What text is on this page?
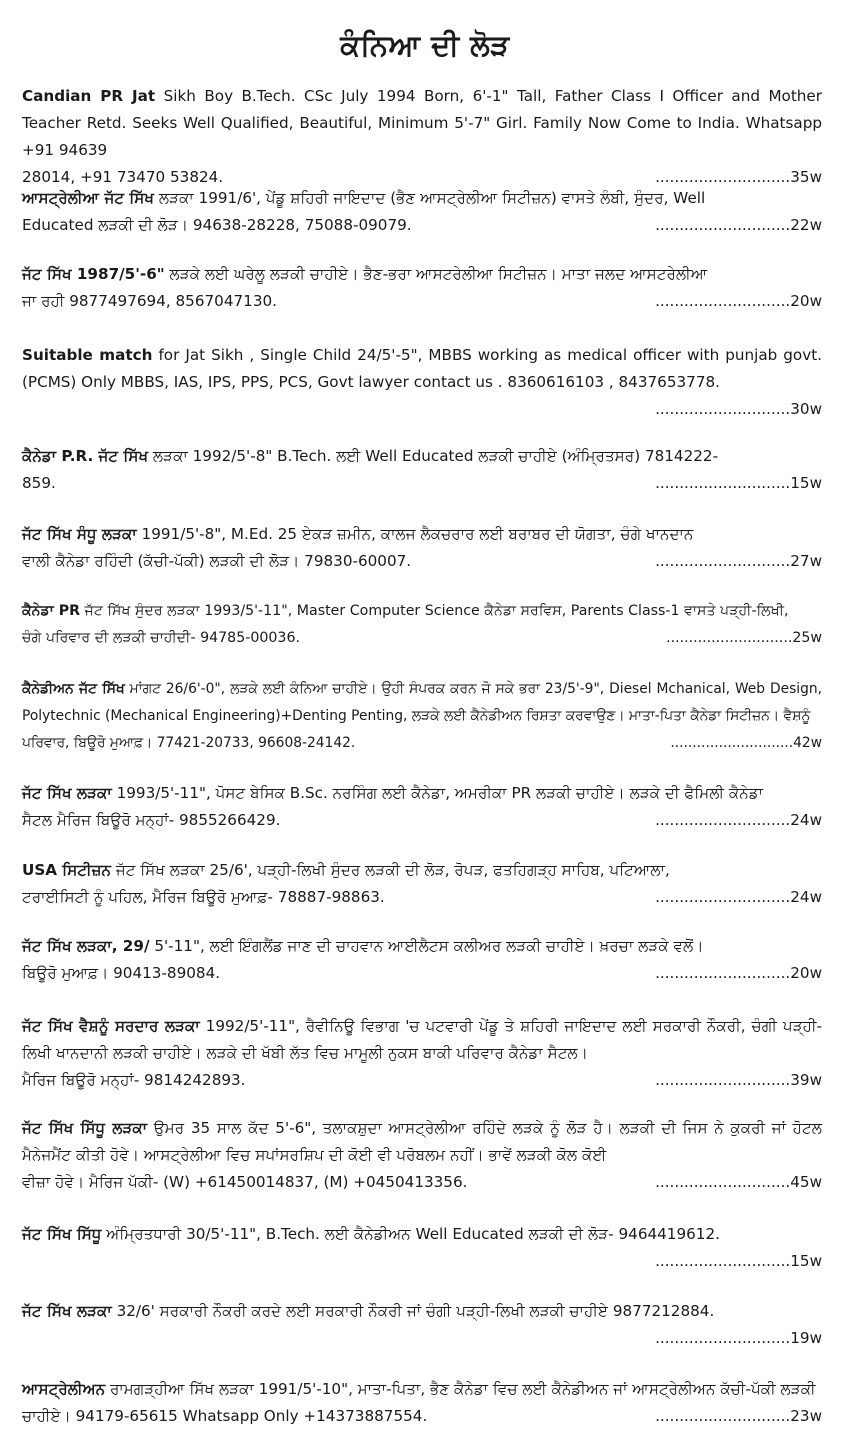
ਕੰਨਿਆ ਦੀ ਲੋੜ
Candian PR Jat Sikh Boy B.Tech. CSc July 1994 Born, 6'-1" Tall, Father Class I Officer and Mother Teacher Retd. Seeks Well Qualified, Beautiful, Minimum 5'-7" Girl. Family Now Come to India. Whatsapp +91 94639
28014, +91 73470 53824.	............................35w
ਆਸਟ੍ਰੇਲੀਆ ਜੱਟ ਸਿੱਖ ਲੜਕਾ 1991/6', ਪੇਂਡੂ ਸ਼ਹਿਰੀ ਜਾਇਦਾਦ (ਭੈਣ ਆਸਟ੍ਰੇਲੀਆ ਸਿਟੀਜ਼ਨ) ਵਾਸਤੇ ਲੰਬੀ, ਸੁੰਦਰ, Well
Educated ਲੜਕੀ ਦੀ ਲੋੜ। 94638-28228, 75088-09079.	............................22w
ਜੱਟ ਸਿੱਖ 1987/5'-6" ਲੜਕੇ ਲਈ ਘਰੇਲੂ ਲੜਕੀ ਚਾਹੀਏ। ਭੈਣ-ਭਰਾ ਆਸਟਰੇਲੀਆ ਸਿਟੀਜ਼ਨ। ਮਾਤਾ ਜਲਦ ਆਸਟਰੇਲੀਆ
ਜਾ ਰਹੀ 9877497694, 8567047130.	............................20w
Suitable match for Jat Sikh , Single Child 24/5'-5", MBBS working as medical officer with punjab govt. (PCMS) Only MBBS, IAS, IPS, PPS, PCS, Govt lawyer contact us . 8360616103 , 8437653778.
............................30w
ਕੈਨੇਡਾ P.R. ਜੱਟ ਸਿੱਖ ਲੜਕਾ 1992/5'-8" B.Tech. ਲਈ Well Educated ਲੜਕੀ ਚਾਹੀਏ (ਅੰਮ੍ਰਿਤਸਰ) 7814222-
859.	............................15w
ਜੱਟ ਸਿੱਖ ਸੰਧੂ ਲੜਕਾ 1991/5'-8", M.Ed. 25 ਏਕੜ ਜ਼ਮੀਨ, ਕਾਲਜ ਲੈਕਚਰਾਰ ਲਈ ਬਰਾਬਰ ਦੀ ਯੋਗਤਾ, ਚੰਗੇ ਖਾਨਦਾਨ
ਵਾਲੀ ਕੈਨੇਡਾ ਰਹਿੰਦੀ (ਕੱਚੀ-ਪੱਕੀ) ਲੜਕੀ ਦੀ ਲੋੜ। 79830-60007.	............................27w
ਕੈਨੇਡਾ PR ਜੱਟ ਸਿੱਖ ਸੁੰਦਰ ਲੜਕਾ 1993/5'-11", Master Computer Science ਕੈਨੇਡਾ ਸਰਵਿਸ, Parents Class-1 ਵਾਸਤੇ ਪੜ੍ਹੀ-ਲਿਖੀ,
ਚੰਗੇ ਪਰਿਵਾਰ ਦੀ ਲੜਕੀ ਚਾਹੀਦੀ- 94785-00036.	............................25w
ਕੈਨੇਡੀਅਨ ਜੱਟ ਸਿੱਖ ਮਾਂਗਟ 26/6'-0", ਲੜਕੇ ਲਈ ਕੰਨਿਆ ਚਾਹੀਏ। ਉਹੀ ਸੰਪਰਕ ਕਰਨ ਜੋ ਸਕੇ ਭਰਾ 23/5'-9", Diesel Mchanical, Web Design, Polytechnic (Mechanical Engineering)+Denting Penting, ਲੜਕੇ ਲਈ ਕੈਨੇਡੀਅਨ ਰਿਸ਼ਤਾ ਕਰਵਾਉਣ। ਮਾਤਾ-ਪਿਤਾ ਕੈਨੇਡਾ ਸਿਟੀਜ਼ਨ। ਵੈਸ਼ਨੂੰ
ਪਰਿਵਾਰ, ਬਿਊਰੋ ਮੁਆਫ਼। 77421-20733, 96608-24142.	............................42w
ਜੱਟ ਸਿੱਖ ਲੜਕਾ 1993/5'-11", ਪੋਸਟ ਬੇਸਿਕ B.Sc. ਨਰਸਿੰਗ ਲਈ ਕੈਨੇਡਾ, ਅਮਰੀਕਾ PR ਲੜਕੀ ਚਾਹੀਏ। ਲੜਕੇ ਦੀ ਫੈਮਿਲੀ ਕੈਨੇਡਾ
ਸੈਟਲ ਮੈਰਿਜ ਬਿਊਰੋ ਮਨ੍ਹਾਂ- 9855266429.	............................24w
USA ਸਿਟੀਜ਼ਨ ਜੱਟ ਸਿੱਖ ਲੜਕਾ 25/6', ਪੜ੍ਹੀ-ਲਿਖੀ ਸੁੰਦਰ ਲੜਕੀ ਦੀ ਲੋੜ, ਰੋਪੜ, ਫਤਹਿਗੜ੍ਹ ਸਾਹਿਬ, ਪਟਿਆਲਾ,
ਟਰਾਈਸਿਟੀ ਨੂੰ ਪਹਿਲ, ਮੈਰਿਜ ਬਿਊਰੋ ਮੁਆਫ਼- 78887-98863.	............................24w
ਜੱਟ ਸਿੱਖ ਲੜਕਾ, 29/ 5'-11", ਲਈ ਇੰਗਲੈਂਡ ਜਾਣ ਦੀ ਚਾਹਵਾਨ ਆਈਲੈਟਸ ਕਲੀਅਰ ਲੜਕੀ ਚਾਹੀਏ। ਖ਼ਰਚਾ ਲੜਕੇ ਵਲੋਂ।
ਬਿਊਰੋ ਮੁਆਫ਼। 90413-89084.	............................20w
ਜੱਟ ਸਿੱਖ ਵੈਸ਼ਨੂੰ ਸਰਦਾਰ ਲੜਕਾ 1992/5'-11", ਰੈਵੀਨਿਊ ਵਿਭਾਗ 'ਚ ਪਟਵਾਰੀ ਪੇਂਡੂ ਤੇ ਸ਼ਹਿਰੀ ਜਾਇਦਾਦ ਲਈ ਸਰਕਾਰੀ ਨੌਕਰੀ, ਚੰਗੀ ਪੜ੍ਹੀ-ਲਿਖੀ ਖਾਨਦਾਨੀ ਲੜਕੀ ਚਾਹੀਏ। ਲੜਕੇ ਦੀ ਖੱਬੀ ਲੱਤ ਵਿਚ ਮਾਮੂਲੀ ਨੁਕਸ ਬਾਕੀ ਪਰਿਵਾਰ ਕੈਨੇਡਾ ਸੈਟਲ।
ਮੈਰਿਜ ਬਿਊਰੋ ਮਨ੍ਹਾਂ- 9814242893.	............................39w
ਜੱਟ ਸਿੱਖ ਸਿੱਧੂ ਲੜਕਾ ਉਮਰ 35 ਸਾਲ ਕੱਦ 5'-6", ਤਲਾਕਸ਼ੁਦਾ ਆਸਟ੍ਰੇਲੀਆ ਰਹਿੰਦੇ ਲੜਕੇ ਨੂੰ ਲੋੜ ਹੈ। ਲੜਕੀ ਦੀ ਜਿਸ ਨੇ ਕੁਕਰੀ ਜਾਂ ਹੋਟਲ ਮੈਨੇਜਮੈਂਟ ਕੀਤੀ ਹੋਵੇ। ਆਸਟ੍ਰੇਲੀਆ ਵਿਚ ਸਪਾਂਸਰਸ਼ਿਪ ਦੀ ਕੋਈ ਵੀ ਪਰੋਬਲਮ ਨਹੀਂ। ਭਾਵੇਂ ਲੜਕੀ ਕੋਲ ਕੋਈ
ਵੀਜ਼ਾ ਹੋਵੇ। ਮੈਰਿਜ ਪੱਕੀ- (W) +61450014837, (M) +0450413356.	............................45w
ਜੱਟ ਸਿੱਖ ਸਿੱਧੂ ਅੰਮ੍ਰਿਤਧਾਰੀ 30/5'-11", B.Tech. ਲਈ ਕੈਨੇਡੀਅਨ Well Educated ਲੜਕੀ ਦੀ ਲੋੜ- 9464419612.
............................15w
ਜੱਟ ਸਿੱਖ ਲੜਕਾ 32/6' ਸਰਕਾਰੀ ਨੌਕਰੀ ਕਰਦੇ ਲਈ ਸਰਕਾਰੀ ਨੌਕਰੀ ਜਾਂ ਚੰਗੀ ਪੜ੍ਹੀ-ਲਿਖੀ ਲੜਕੀ ਚਾਹੀਏ 9877212884.
............................19w
ਆਸਟ੍ਰੇਲੀਅਨ ਰਾਮਗੜ੍ਹੀਆ ਸਿੱਖ ਲੜਕਾ 1991/5'-10", ਮਾਤਾ-ਪਿਤਾ, ਭੈਣ ਕੈਨੇਡਾ ਵਿਚ ਲਈ ਕੈਨੇਡੀਅਨ ਜਾਂ ਆਸਟ੍ਰੇਲੀਅਨ ਕੱਚੀ-ਪੱਕੀ ਲੜਕੀ
ਚਾਹੀਏ। 94179-65615 Whatsapp Only +14373887554.	............................23w
